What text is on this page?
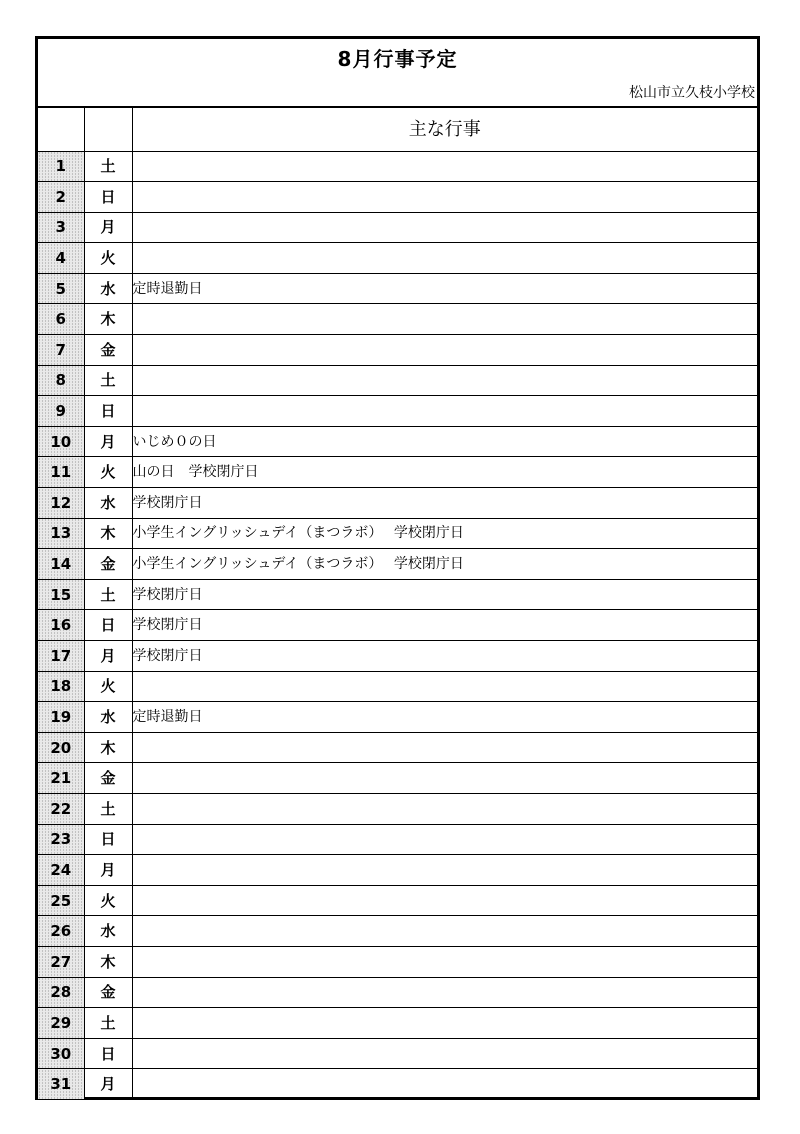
8月行事予定
松山市立久枝小学校
		主な行事
1	土	
2	日	
3	月	
4	火	
5	水	定時退勤日
6	木	
7	金	
8	土	
9	日	
10	月	いじめ０の日
11	火	山の日　学校閉庁日
12	水	学校閉庁日
13	木	小学生イングリッシュデイ（まつラボ）　 学校閉庁日
14	金	小学生イングリッシュデイ（まつラボ）　 学校閉庁日
15	土	学校閉庁日
16	日	学校閉庁日
17	月	学校閉庁日
18	火	
19	水	定時退勤日
20	木	
21	金	
22	土	
23	日	
24	月	
25	火	
26	水	
27	木	
28	金	
29	土	
30	日	
31	月	
